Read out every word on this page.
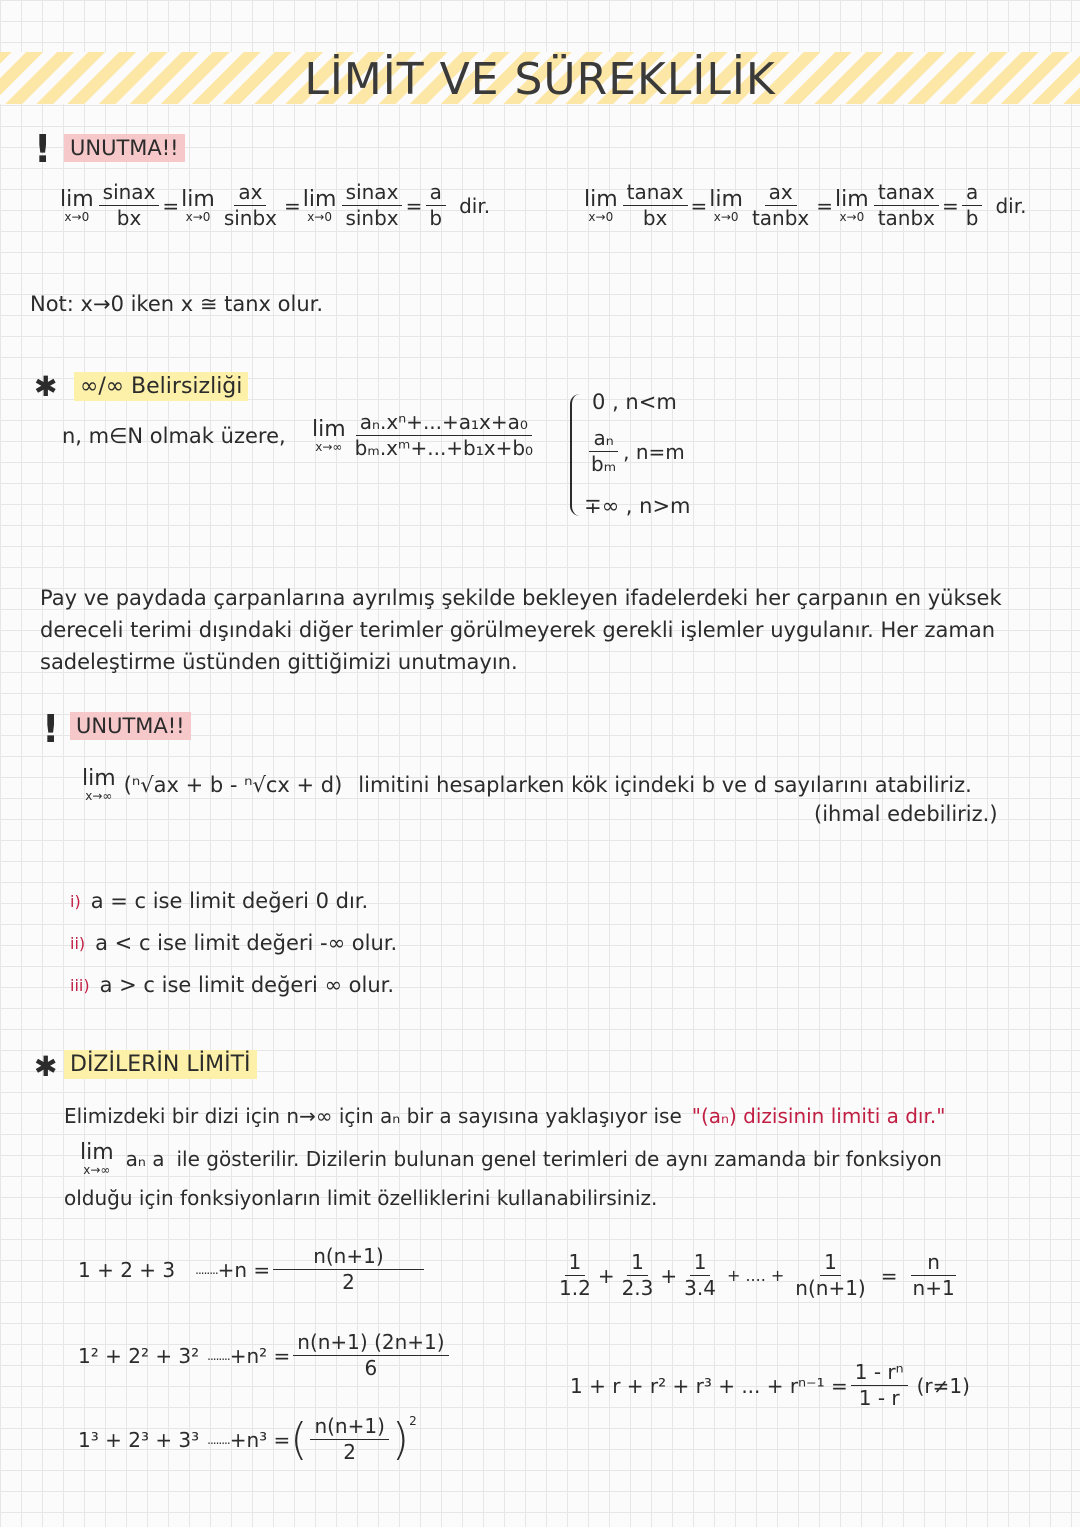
LİMİT VE SÜREKLİLİK
! UNUTMA!!
lim
$x\to 0 \frac{\text{sinax}}{bx} = \lim$
$x\to 0 \frac{ax}{\text{sinbx}} = \lim$
$x\to 0 \frac{\text{sinax}}{\text{sinbx}} = \frac{a}{b}$ dir.	lim
$x\to 0 \frac{\text{tanax}}{bx} = \lim$
$x\to 0 \frac{ax}{\text{tanbx}} = \lim$
$x\to 0 \frac{\text{tanax}}{\text{tanbx}} = \frac{a}{b}$ dir.
Not: x→0 iken x ≅ tanx olur.
✱ ∞/∞ Belirsizliği
n, m∈N olmak üzere, lim
$x\to\infty \frac{\text{aₙ.xⁿ+...+a₁x+a₀}}{\text{bₘ.xᵐ+...+b₁x+b₀}}$
0 , n<m
$\frac{\text{aₙ}}{\text{bₘ}}$ , n=m
∓∞ , n>m
Pay ve paydada çarpanlarına ayrılmış şekilde bekleyen ifadelerdeki her çarpanın en yüksek dereceli terimi dışındaki diğer terimler görülmeyerek gerekli işlemler uygulanır. Her zaman sadeleştirme üstünden gittiğimizi unutmayın.
! UNUTMA!!
lim
x→∞ (ⁿ√ax + b - ⁿ√cx + d) limitini hesaplarken kök içindeki b ve d sayılarını atabiliriz.
(ihmal edebiliriz.)
i) a = c ise limit değeri 0 dır.
ii) a < c ise limit değeri -∞ olur.
iii) a > c ise limit değeri ∞ olur.
✱ DİZİLERİN LİMİTİ
Elimizdeki bir dizi için n→∞ için aₙ bir a sayısına yaklaşıyor ise "(aₙ) dizisinin limiti a dır."
lim
x→∞ aₙ a ile gösterilir. Dizilerin bulunan genel terimleri de aynı zamanda bir fonksiyon
olduğu için fonksiyonların limit özelliklerini kullanabilirsiniz.
1 + 2 + 3 ........ $+n = \frac{n(n+1)}{2}$
1² + 2² + 3² ........ $+n^2 = \frac{n(n+1) (2n+1)}{6}$
1³ + 2³ + 3³ ........ +n³ = ( $\frac{n(n+1)}{2}$ ) 2
$\frac{1}{1.2} + \frac{1}{2.3} + \frac{1}{3.4}$ + .... + $\frac{1}{n(n+1)} = \frac{n}{n+1}$
1 + r + r² + r³ + ... + $r^{n-1} = \frac{\text{1 - rⁿ}}{1 - r} (r\ne 1)$
